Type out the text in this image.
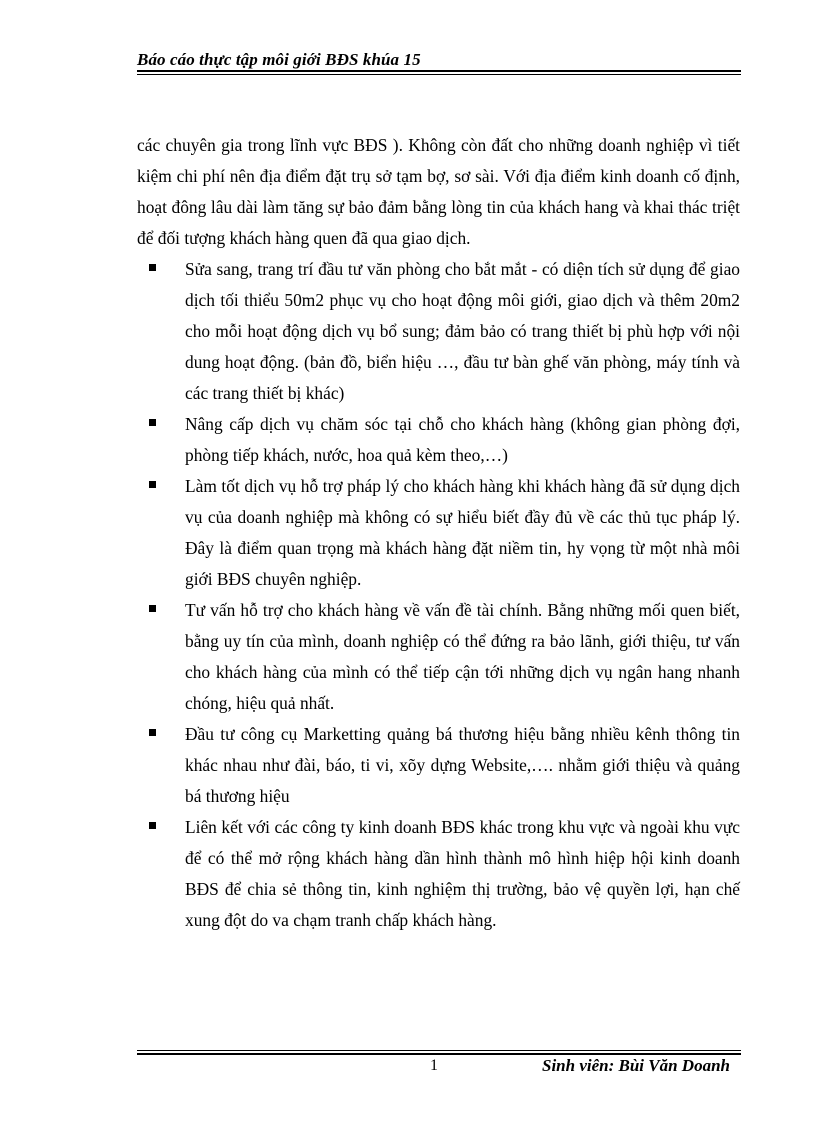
Báo cáo thực tập môi giới BĐS khúa 15

các chuyên gia trong lĩnh vực BĐS ). Không còn đất cho những doanh nghiệp vì tiết kiệm chi phí nên địa điểm đặt trụ sở tạm bợ, sơ sài. Với địa điểm kinh doanh cố định, hoạt đông lâu dài làm tăng sự bảo đảm bằng lòng tin của khách hang và khai thác triệt để đối tượng khách hàng quen đã qua giao dịch.

Sửa sang, trang trí đầu tư văn phòng cho bắt mắt - có diện tích sử dụng để giao dịch tối thiểu 50m2 phục vụ cho hoạt động môi giới, giao dịch và thêm 20m2 cho mỗi hoạt động dịch vụ bổ sung; đảm bảo có trang thiết bị phù hợp với nội dung hoạt động. (bản đồ, biển hiệu …, đầu tư bàn ghế văn phòng, máy tính và các trang thiết bị khác)
Nâng cấp dịch vụ chăm sóc tại chỗ cho khách hàng (không gian phòng đợi, phòng tiếp khách, nước, hoa quả kèm theo,…)
Làm tốt dịch vụ hỗ trợ pháp lý cho khách hàng khi khách hàng đã sử dụng dịch vụ của doanh nghiệp mà không có sự hiểu biết đầy đủ về các thủ tục pháp lý. Đây là điểm quan trọng mà khách hàng đặt niềm tin, hy vọng từ một nhà môi giới BĐS chuyên nghiệp.
Tư vấn hỗ trợ cho khách hàng về vấn đề tài chính. Bằng những mối quen biết, bằng uy tín của mình, doanh nghiệp có thể đứng ra bảo lãnh, giới thiệu, tư vấn cho khách hàng của mình có thể tiếp cận tới những dịch vụ ngân hang nhanh chóng, hiệu quả nhất.
Đầu tư công cụ Marketting quảng bá thương hiệu bằng nhiều kênh thông tin khác nhau như đài, báo, ti vi, xõy dựng Website,…. nhằm giới thiệu và quảng bá thương hiệu
Liên kết với các công ty kinh doanh BĐS khác trong khu vực và ngoài khu vực để có thể mở rộng khách hàng dần hình thành mô hình hiệp hội kinh doanh BĐS để chia sẻ thông tin, kinh nghiệm thị trường, bảo vệ quyền lợi, hạn chế xung đột do va chạm tranh chấp khách hàng.
1	Sinh viên: Bùi Văn Doanh
